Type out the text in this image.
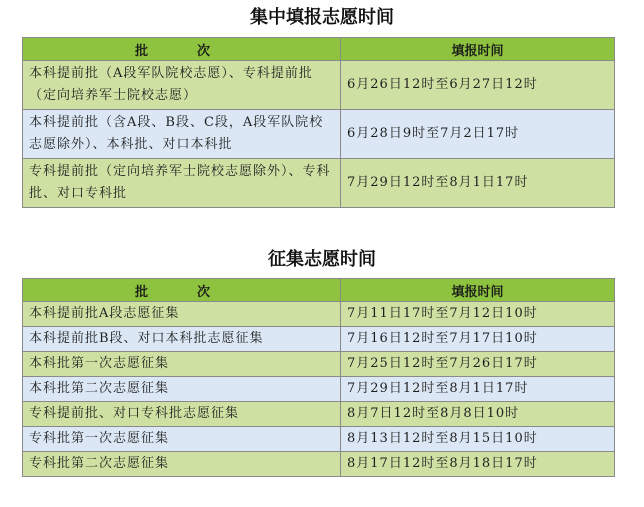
集中填报志愿时间
批　次	填报时间
本科提前批（A段军队院校志愿）、专科提前批（定向培养军士院校志愿）	6月26日12时至6月27日12时
本科提前批（含A段、B段、C段，A段军队院校志愿除外）、本科批、对口本科批	6月28日9时至7月2日17时
专科提前批（定向培养军士院校志愿除外）、专科批、对口专科批	7月29日12时至8月1日17时
征集志愿时间
批　次	填报时间
本科提前批A段志愿征集	7月11日17时至7月12日10时
本科提前批B段、对口本科批志愿征集	7月16日12时至7月17日10时
本科批第一次志愿征集	7月25日12时至7月26日17时
本科批第二次志愿征集	7月29日12时至8月1日17时
专科提前批、对口专科批志愿征集	8月7日12时至8月8日10时
专科批第一次志愿征集	8月13日12时至8月15日10时
专科批第二次志愿征集	8月17日12时至8月18日17时
